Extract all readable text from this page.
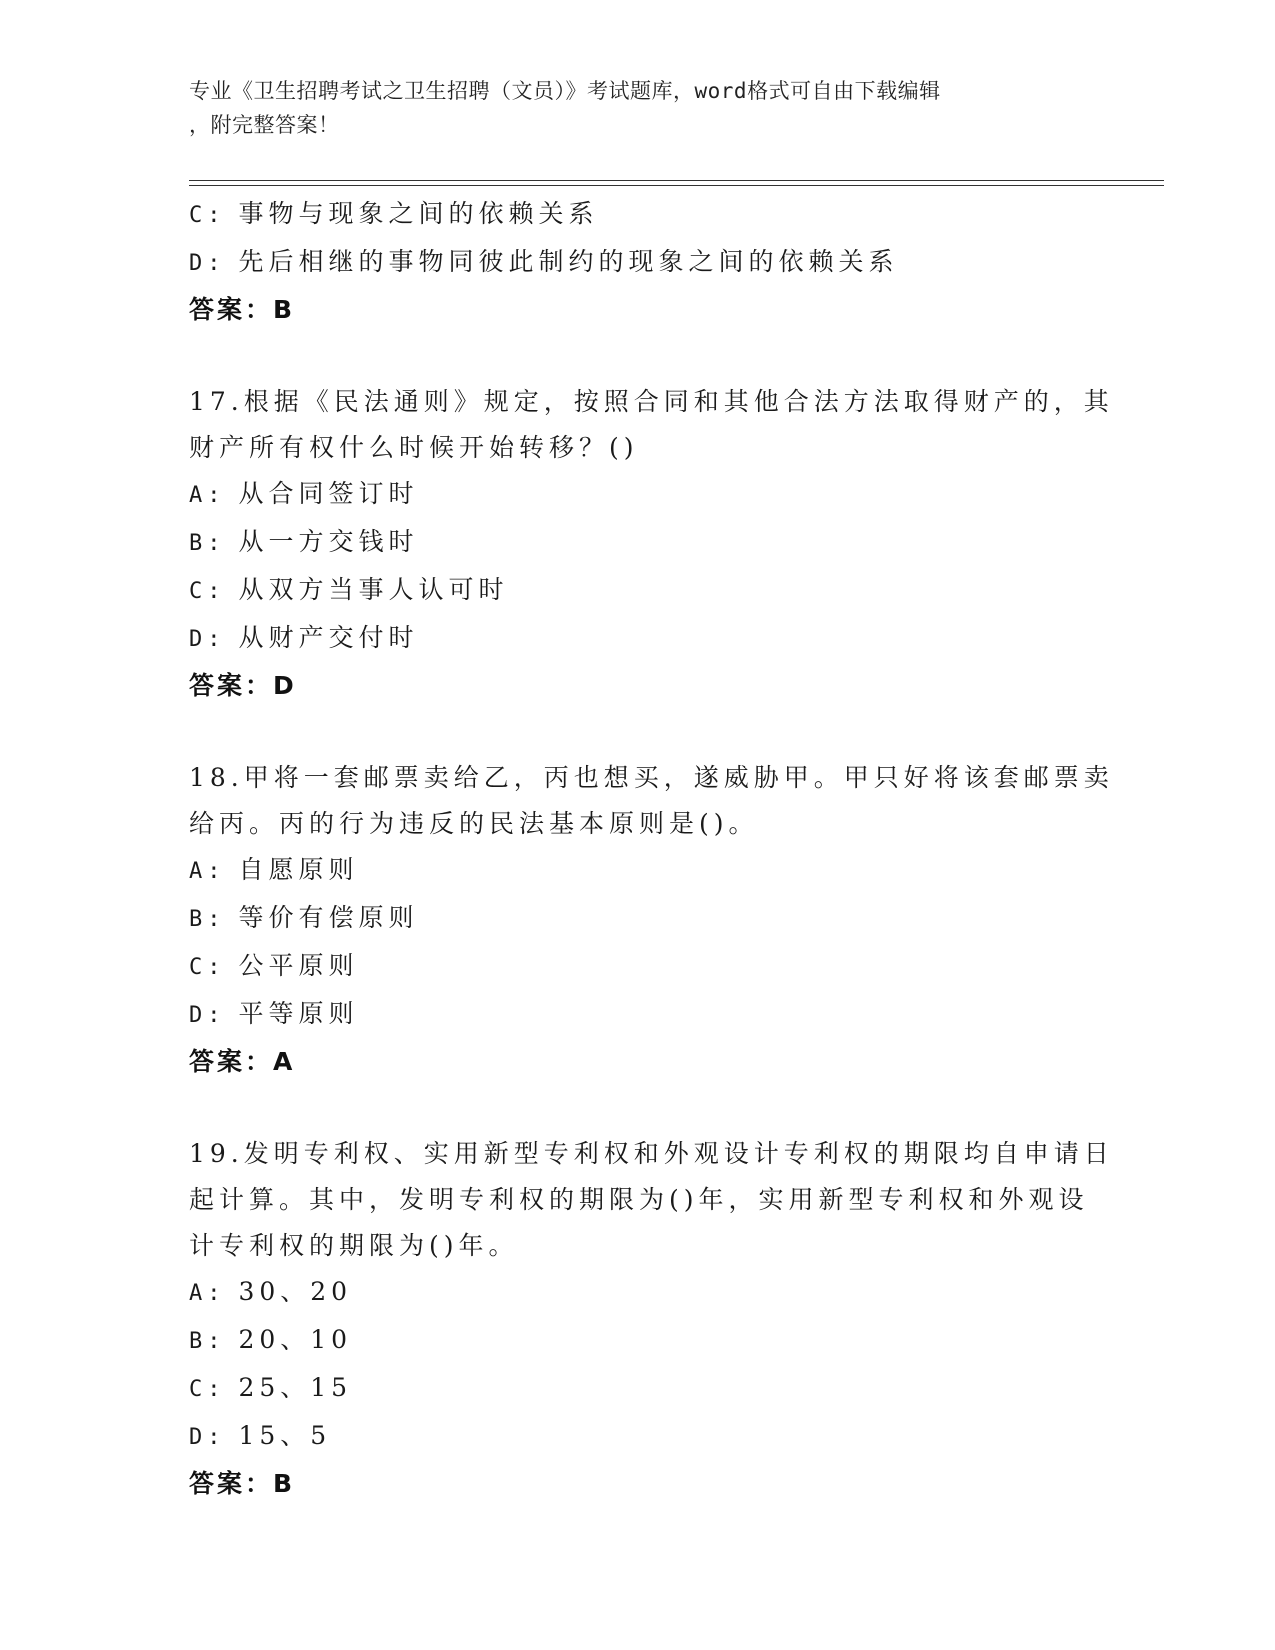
专业《卫生招聘考试之卫生招聘（文员）》考试题库，word格式可自由下载编辑
，附完整答案！
C: 事物与现象之间的依赖关系
D: 先后相继的事物同彼此制约的现象之间的依赖关系
答案：B
17.根据《民法通则》规定，按照合同和其他合法方法取得财产的，其
财产所有权什么时候开始转移？()
A: 从合同签订时
B: 从一方交钱时
C: 从双方当事人认可时
D: 从财产交付时
答案：D
18.甲将一套邮票卖给乙，丙也想买，遂威胁甲。甲只好将该套邮票卖
给丙。丙的行为违反的民法基本原则是()。
A: 自愿原则
B: 等价有偿原则
C: 公平原则
D: 平等原则
答案：A
19.发明专利权、实用新型专利权和外观设计专利权的期限均自申请日
起计算。其中，发明专利权的期限为()年，实用新型专利权和外观设
计专利权的期限为()年。
A: 30、20
B: 20、10
C: 25、15
D: 15、5
答案：B
